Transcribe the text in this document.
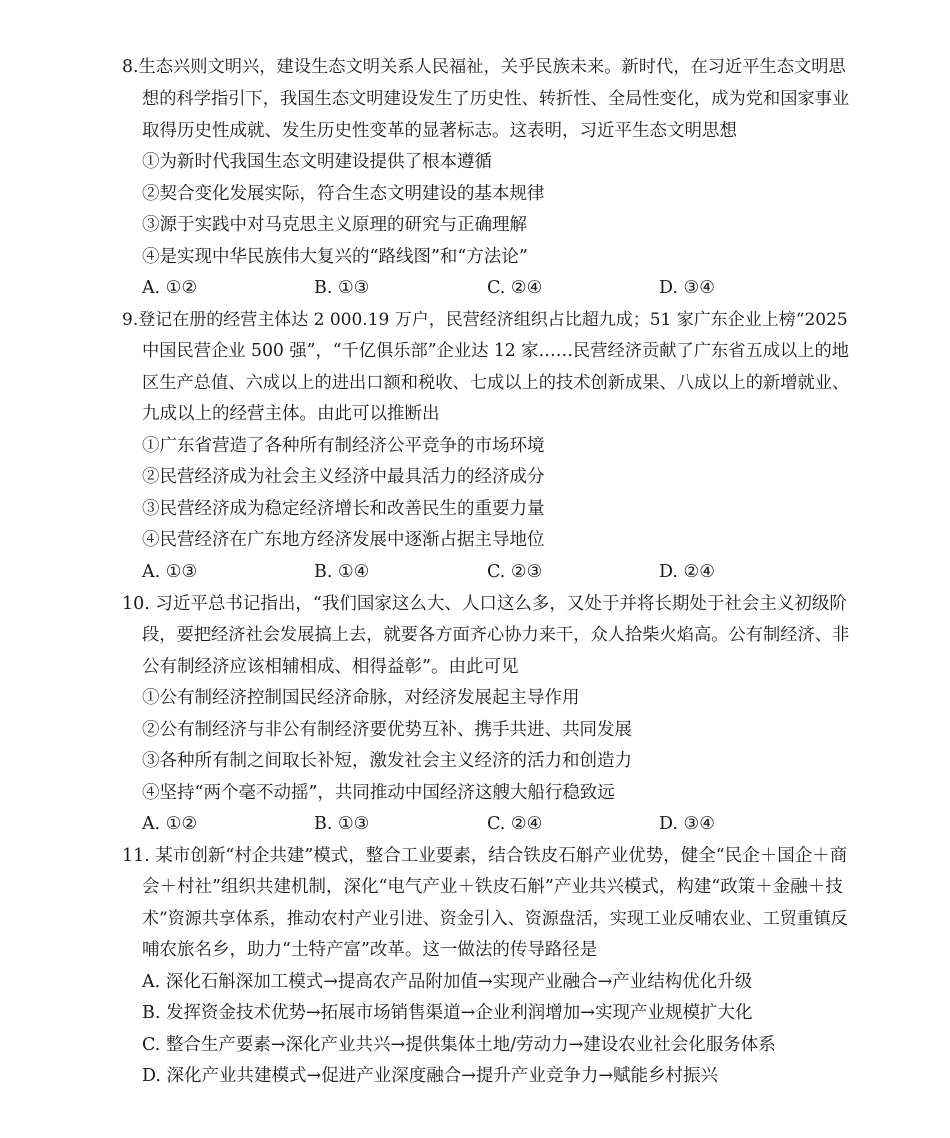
8.生态兴则文明兴，建设生态文明关系人民福祉，关乎民族未来。新时代，在习近平生态文明思
想的科学指引下，我国生态文明建设发生了历史性、转折性、全局性变化，成为党和国家事业
取得历史性成就、发生历史性变革的显著标志。这表明，习近平生态文明思想
①为新时代我国生态文明建设提供了根本遵循
②契合变化发展实际，符合生态文明建设的基本规律
③源于实践中对马克思主义原理的研究与正确理解
④是实现中华民族伟大复兴的“路线图”和“方法论”
A. ①②	B. ①③	C. ②④	D. ③④
9.登记在册的经营主体达 2 000.19 万户，民营经济组织占比超九成；51 家广东企业上榜“2025
中国民营企业 500 强”，“千亿俱乐部”企业达 12 家……民营经济贡献了广东省五成以上的地
区生产总值、六成以上的进出口额和税收、七成以上的技术创新成果、八成以上的新增就业、
九成以上的经营主体。由此可以推断出
①广东省营造了各种所有制经济公平竞争的市场环境
②民营经济成为社会主义经济中最具活力的经济成分
③民营经济成为稳定经济增长和改善民生的重要力量
④民营经济在广东地方经济发展中逐渐占据主导地位
A. ①③	B. ①④	C. ②③	D. ②④
10. 习近平总书记指出，“我们国家这么大、人口这么多，又处于并将长期处于社会主义初级阶
段，要把经济社会发展搞上去，就要各方面齐心协力来干，众人拾柴火焰高。公有制经济、非
公有制经济应该相辅相成、相得益彰”。由此可见
①公有制经济控制国民经济命脉，对经济发展起主导作用
②公有制经济与非公有制经济要优势互补、携手共进、共同发展
③各种所有制之间取长补短，激发社会主义经济的活力和创造力
④坚持“两个毫不动摇”，共同推动中国经济这艘大船行稳致远
A. ①②	B. ①③	C. ②④	D. ③④
11. 某市创新“村企共建”模式，整合工业要素，结合铁皮石斛产业优势，健全“民企＋国企＋商
会＋村社”组织共建机制，深化“电气产业＋铁皮石斛”产业共兴模式，构建“政策＋金融＋技
术”资源共享体系，推动农村产业引进、资金引入、资源盘活，实现工业反哺农业、工贸重镇反
哺农旅名乡，助力“土特产富”改革。这一做法的传导路径是
A. 深化石斛深加工模式→提高农产品附加值→实现产业融合→产业结构优化升级
B. 发挥资金技术优势→拓展市场销售渠道→企业利润增加→实现产业规模扩大化
C. 整合生产要素→深化产业共兴→提供集体土地/劳动力→建设农业社会化服务体系
D. 深化产业共建模式→促进产业深度融合→提升产业竞争力→赋能乡村振兴
